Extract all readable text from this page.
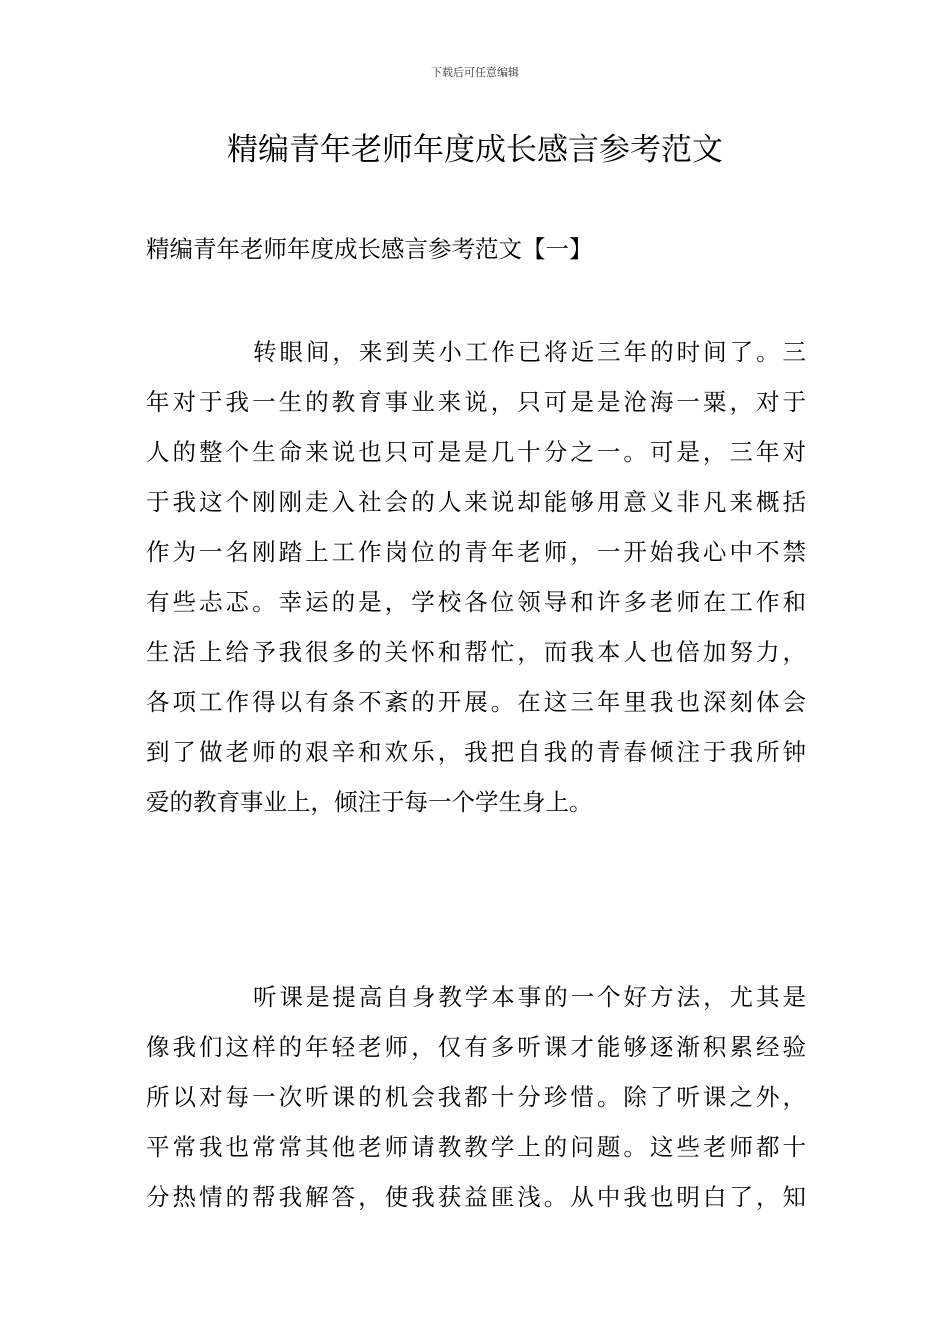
下载后可任意编辑
精编青年老师年度成长感言参考范文
精编青年老师年度成长感言参考范文【一】
转眼间，来到芙小工作已将近三年的时间了。三
年对于我一生的教育事业来说，只可是是沧海一粟，对于
人的整个生命来说也只可是是几十分之一。可是，三年对
于我这个刚刚走入社会的人来说却能够用意义非凡来概括
作为一名刚踏上工作岗位的青年老师，一开始我心中不禁
有些忐忑。幸运的是，学校各位领导和许多老师在工作和
生活上给予我很多的关怀和帮忙，而我本人也倍加努力，
各项工作得以有条不紊的开展。在这三年里我也深刻体会
到了做老师的艰辛和欢乐，我把自我的青春倾注于我所钟
爱的教育事业上，倾注于每一个学生身上。
听课是提高自身教学本事的一个好方法，尤其是
像我们这样的年轻老师，仅有多听课才能够逐渐积累经验
所以对每一次听课的机会我都十分珍惜。除了听课之外，
平常我也常常其他老师请教教学上的问题。这些老师都十
分热情的帮我解答，使我获益匪浅。从中我也明白了，知
